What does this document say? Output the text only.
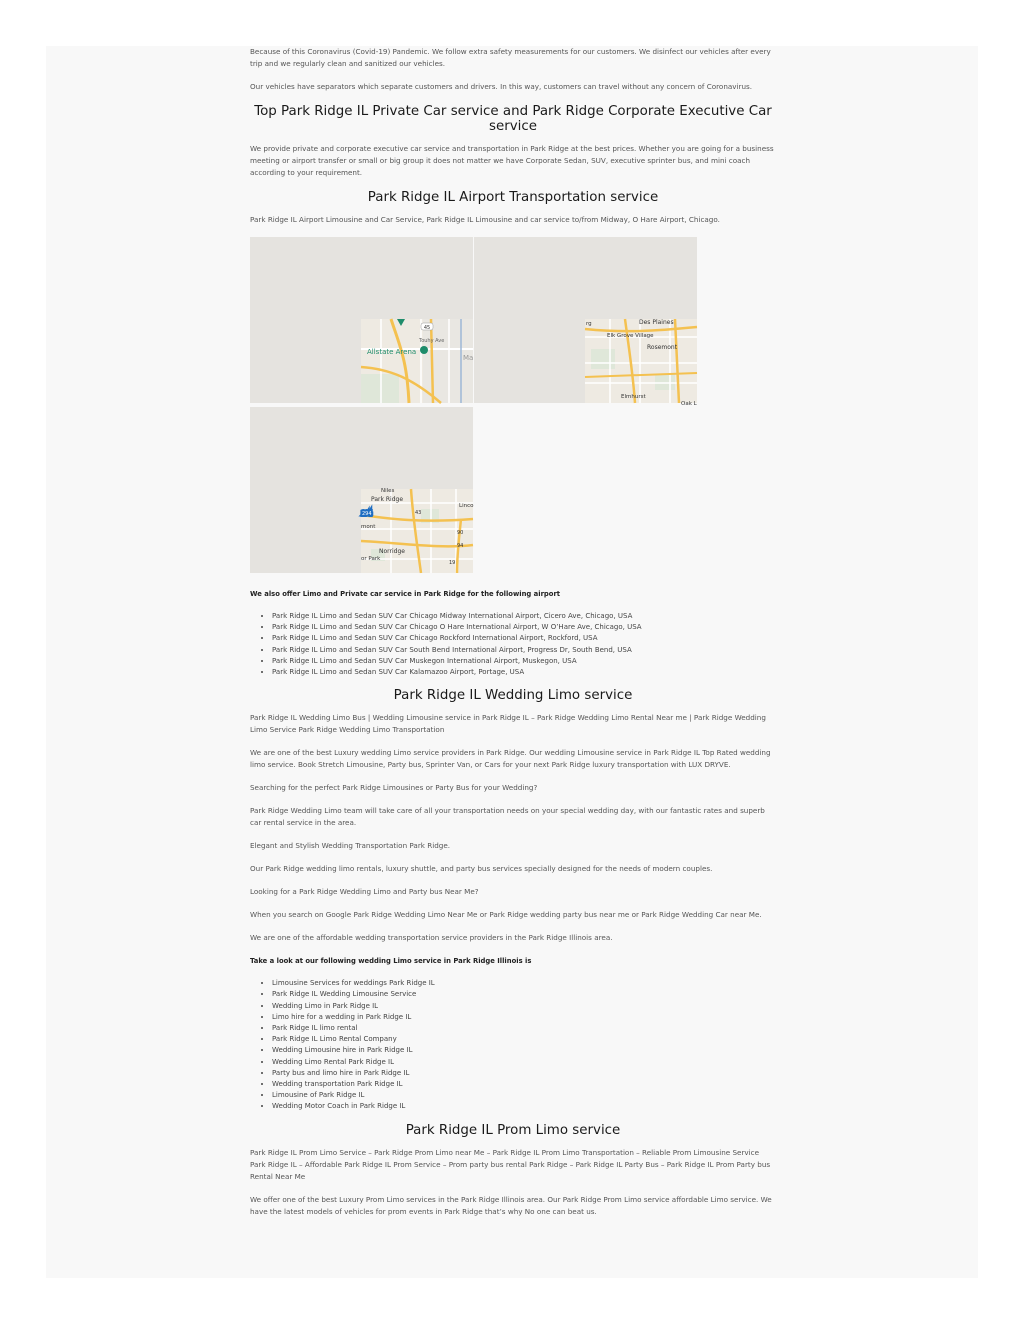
Because of this Coronavirus (Covid-19) Pandemic. We follow extra safety measurements for our customers. We disinfect our vehicles after every trip and we regularly clean and sanitized our vehicles.

Our vehicles have separators which separate customers and drivers. In this way, customers can travel without any concern of Coronavirus.

Top Park Ridge IL Private Car service and Park Ridge Corporate Executive Car service

We provide private and corporate executive car service and transportation in Park Ridge at the best prices. Whether you are going for a business meeting or airport transfer or small or big group it does not matter we have Corporate Sedan, SUV, executive sprinter bus, and mini coach according to your requirement.

Park Ridge IL Airport Transportation service

Park Ridge IL Airport Limousine and Car Service, Park Ridge IL Limousine and car service to/from Midway, O Hare Airport, Chicago.

45
Touhy Ave
Allstate Arena
Ma
rg	Des Plaines
Elk Grove Village
Rosemont
Elmhurst
Oak L
Niles
Park Ridge
294	43
Linco
mont
90
94
Norridge
or Park
19

We also offer Limo and Private car service in Park Ridge for the following airport

• Park Ridge IL Limo and Sedan SUV Car Chicago Midway International Airport, Cicero Ave, Chicago, USA
• Park Ridge IL Limo and Sedan SUV Car Chicago O Hare International Airport, W O’Hare Ave, Chicago, USA
• Park Ridge IL Limo and Sedan SUV Car Chicago Rockford International Airport, Rockford, USA
• Park Ridge IL Limo and Sedan SUV Car South Bend International Airport, Progress Dr, South Bend, USA
• Park Ridge IL Limo and Sedan SUV Car Muskegon International Airport, Muskegon, USA
• Park Ridge IL Limo and Sedan SUV Car Kalamazoo Airport, Portage, USA
Park Ridge IL Wedding Limo service

Park Ridge IL Wedding Limo Bus | Wedding Limousine service in Park Ridge IL – Park Ridge Wedding Limo Rental Near me | Park Ridge Wedding Limo Service Park Ridge Wedding Limo Transportation

We are one of the best Luxury wedding Limo service providers in Park Ridge. Our wedding Limousine service in Park Ridge IL Top Rated wedding limo service. Book Stretch Limousine, Party bus, Sprinter Van, or Cars for your next Park Ridge luxury transportation with LUX DRYVE.

Searching for the perfect Park Ridge Limousines or Party Bus for your Wedding?

Park Ridge Wedding Limo team will take care of all your transportation needs on your special wedding day, with our fantastic rates and superb car rental service in the area.

Elegant and Stylish Wedding Transportation Park Ridge.

Our Park Ridge wedding limo rentals, luxury shuttle, and party bus services specially designed for the needs of modern couples.

Looking for a Park Ridge Wedding Limo and Party bus Near Me?

When you search on Google Park Ridge Wedding Limo Near Me or Park Ridge wedding party bus near me or Park Ridge Wedding Car near Me.

We are one of the affordable wedding transportation service providers in the Park Ridge Illinois area.

Take a look at our following wedding Limo service in Park Ridge Illinois is

• Limousine Services for weddings Park Ridge IL
• Park Ridge IL Wedding Limousine Service
• Wedding Limo in Park Ridge IL
• Limo hire for a wedding in Park Ridge IL
• Park Ridge IL limo rental
• Park Ridge IL Limo Rental Company
• Wedding Limousine hire in Park Ridge IL
• Wedding Limo Rental Park Ridge IL
• Party bus and limo hire in Park Ridge IL
• Wedding transportation Park Ridge IL
• Limousine of Park Ridge IL
• Wedding Motor Coach in Park Ridge IL
Park Ridge IL Prom Limo service

Park Ridge IL Prom Limo Service – Park Ridge Prom Limo near Me – Park Ridge IL Prom Limo Transportation – Reliable Prom Limousine Service Park Ridge IL – Affordable Park Ridge IL Prom Service – Prom party bus rental Park Ridge – Park Ridge IL Party Bus – Park Ridge IL Prom Party bus Rental Near Me

We offer one of the best Luxury Prom Limo services in the Park Ridge Illinois area. Our Park Ridge Prom Limo service affordable Limo service. We have the latest models of vehicles for prom events in Park Ridge that’s why No one can beat us.
